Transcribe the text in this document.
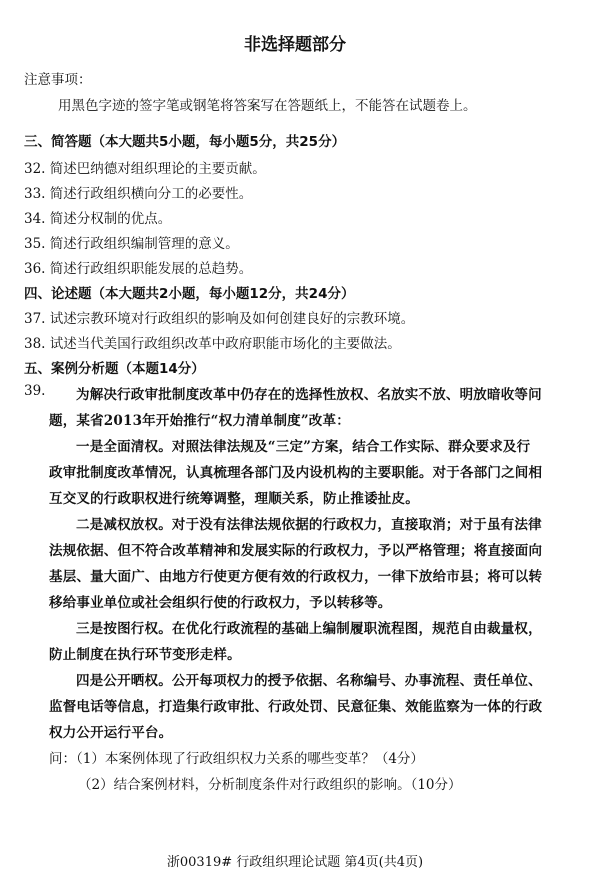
非选择题部分
注意事项：
用黑色字迹的签字笔或钢笔将答案写在答题纸上，不能答在试题卷上。
三、简答题（本大题共5小题，每小题5分，共25分）
32. 简述巴纳德对组织理论的主要贡献。
33. 简述行政组织横向分工的必要性。
34. 简述分权制的优点。
35. 简述行政组织编制管理的意义。
36. 简述行政组织职能发展的总趋势。
四、论述题（本大题共2小题，每小题12分，共24分）
37. 试述宗教环境对行政组织的影响及如何创建良好的宗教环境。
38. 试述当代美国行政组织改革中政府职能市场化的主要做法。
五、案例分析题（本题14分）
39. 为解决行政审批制度改革中仍存在的选择性放权、名放实不放、明放暗收等问
题，某省2013年开始推行“权力清单制度”改革：
一是全面清权。对照法律法规及“三定”方案，结合工作实际、群众要求及行
政审批制度改革情况，认真梳理各部门及内设机构的主要职能。对于各部门之间相
互交叉的行政职权进行统筹调整，理顺关系，防止推诿扯皮。
二是减权放权。对于没有法律法规依据的行政权力，直接取消；对于虽有法律
法规依据、但不符合改革精神和发展实际的行政权力，予以严格管理；将直接面向
基层、量大面广、由地方行使更方便有效的行政权力，一律下放给市县；将可以转
移给事业单位或社会组织行使的行政权力，予以转移等。
三是按图行权。在优化行政流程的基础上编制履职流程图，规范自由裁量权，
防止制度在执行环节变形走样。
四是公开晒权。公开每项权力的授予依据、名称编号、办事流程、责任单位、
监督电话等信息，打造集行政审批、行政处罚、民意征集、效能监察为一体的行政
权力公开运行平台。
问：（1）本案例体现了行政组织权力关系的哪些变革？（4分）
（2）结合案例材料，分析制度条件对行政组织的影响。（10分）
浙00319# 行政组织理论试题 第4页(共4页)
